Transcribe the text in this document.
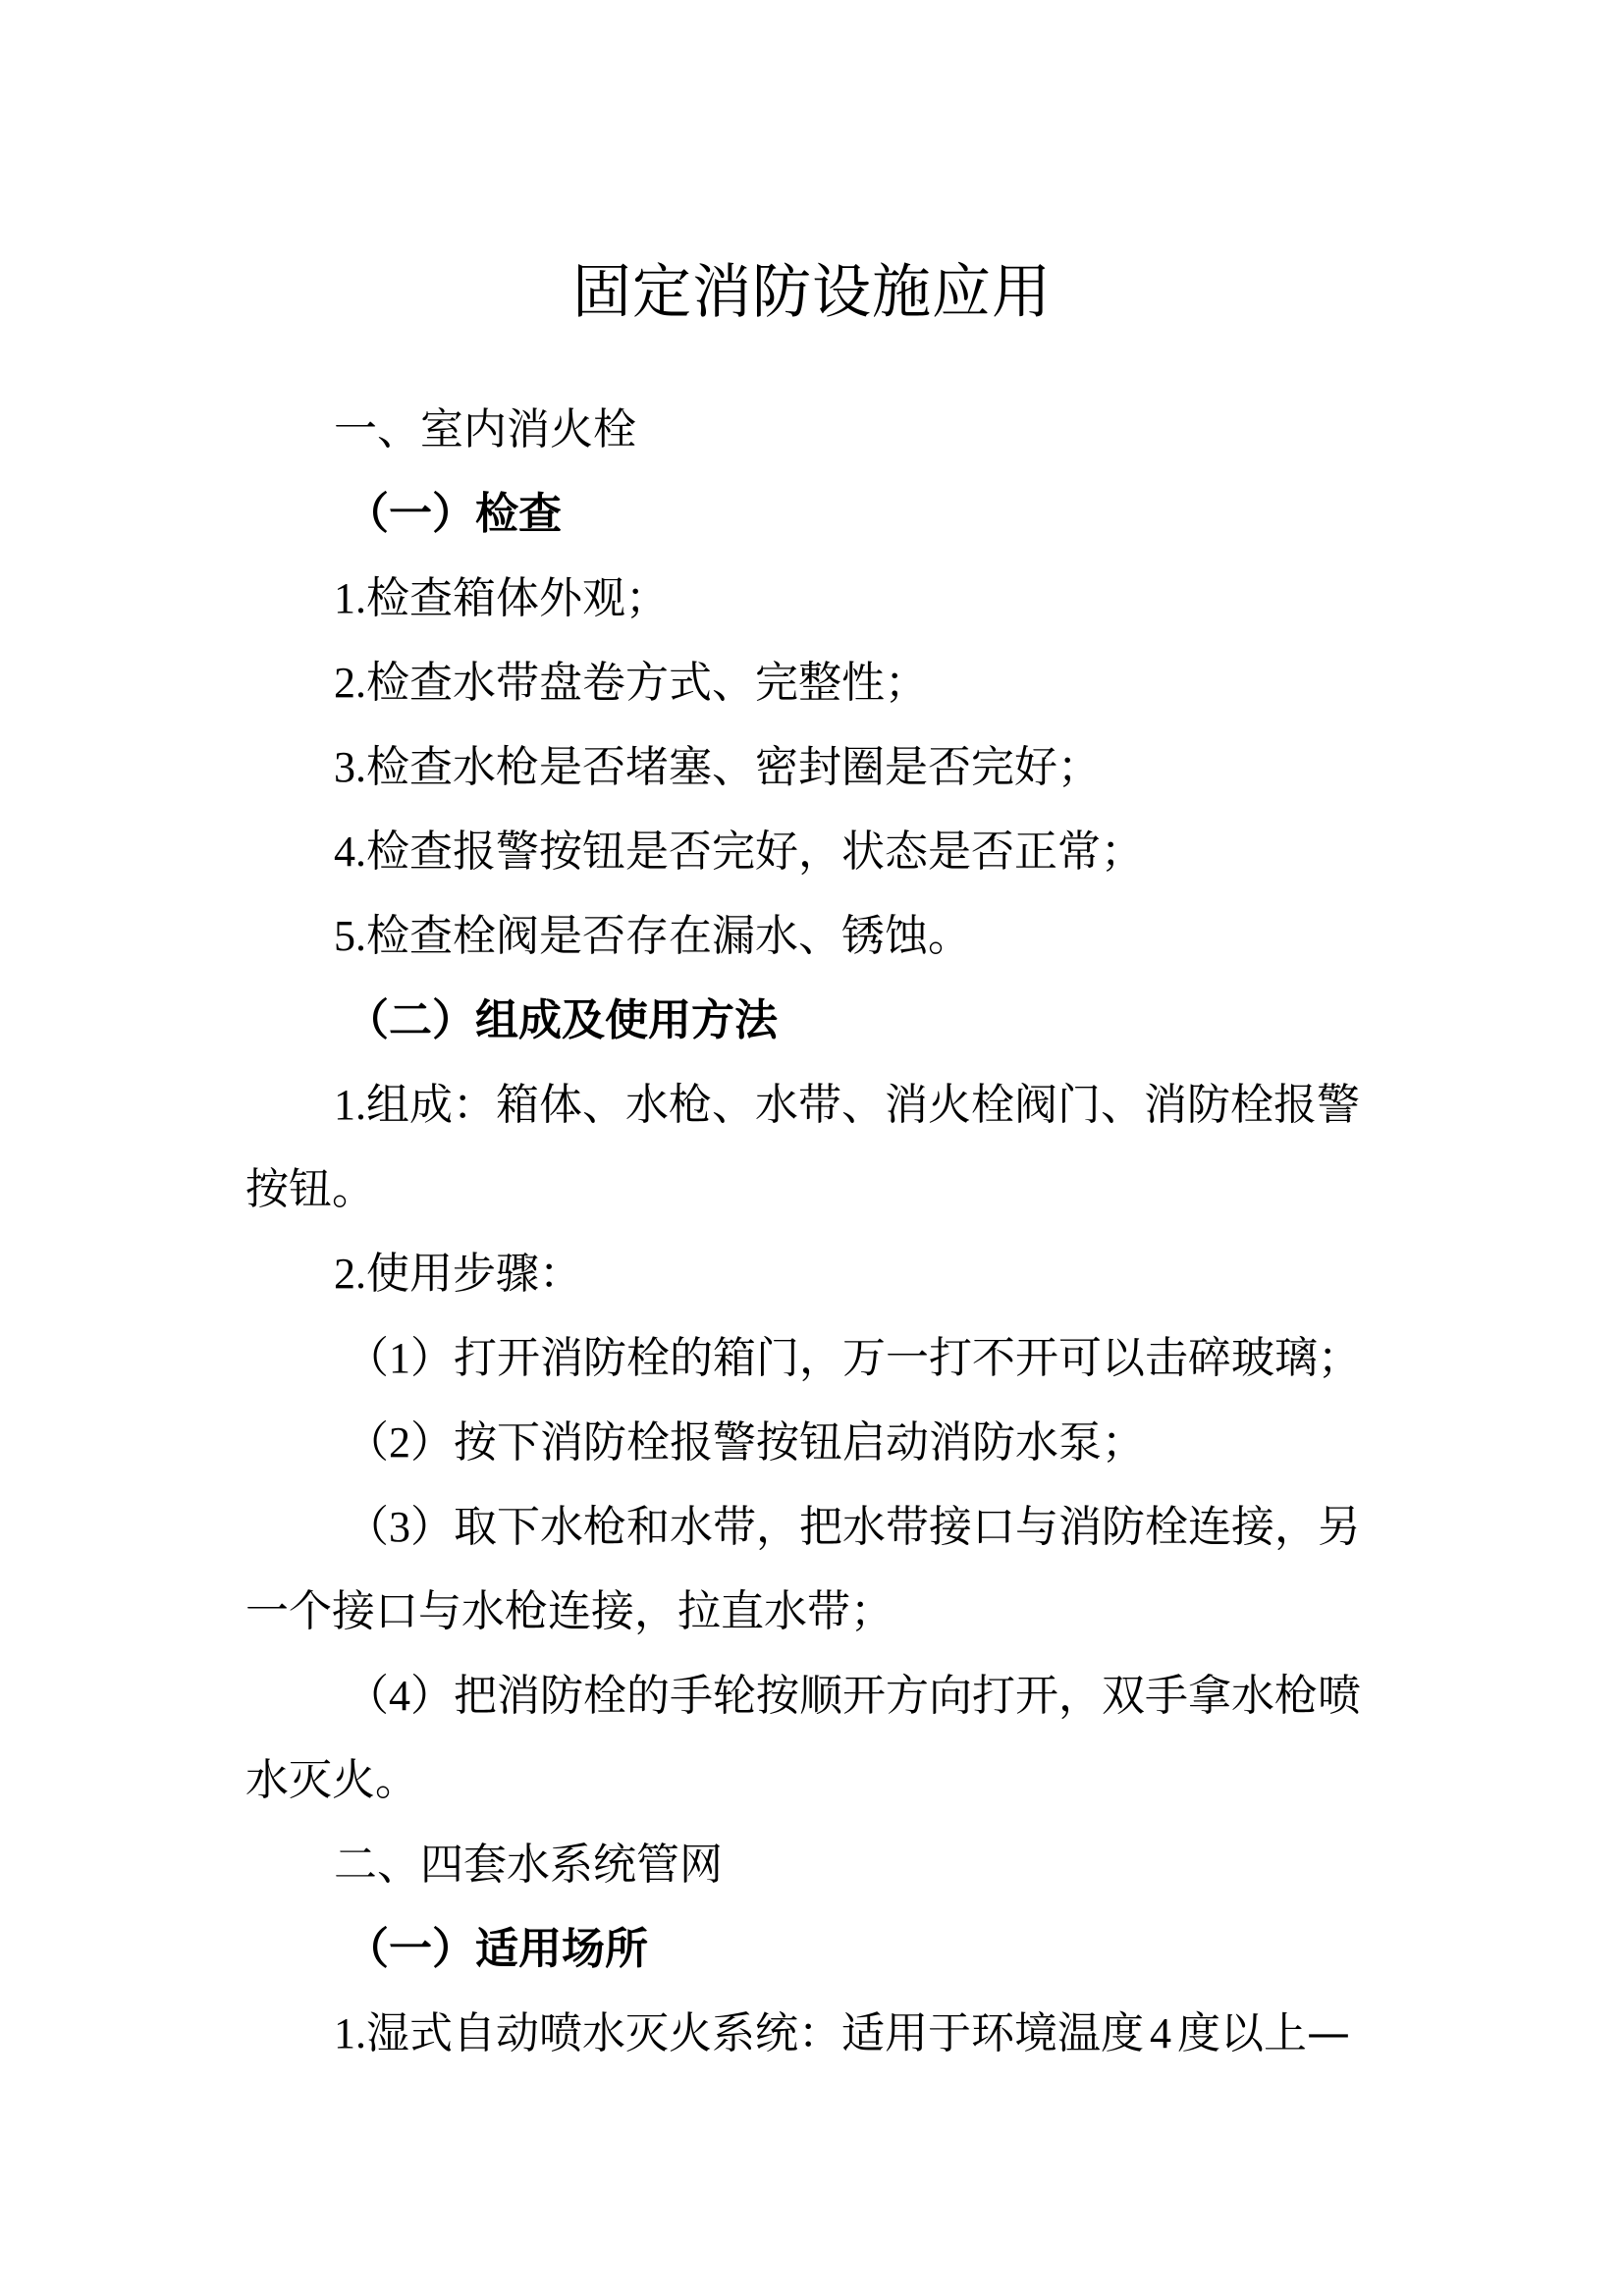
固定消防设施应用

一、室内消火栓

（一）检查

1.检查箱体外观；

2.检查水带盘卷方式、完整性；

3.检查水枪是否堵塞、密封圈是否完好；

4.检查报警按钮是否完好，状态是否正常；

5.检查栓阀是否存在漏水、锈蚀。

（二）组成及使用方法

1.组成：箱体、水枪、水带、消火栓阀门、消防栓报警

按钮。

2.使用步骤：

（1）打开消防栓的箱门，万一打不开可以击碎玻璃；

（2）按下消防栓报警按钮启动消防水泵；

（3）取下水枪和水带，把水带接口与消防栓连接，另

一个接口与水枪连接，拉直水带；

（4）把消防栓的手轮按顺开方向打开，双手拿水枪喷

水灭火。

二、四套水系统管网

（一）适用场所

1.湿式自动喷水灭火系统：适用于环境温度 4 度以上—
